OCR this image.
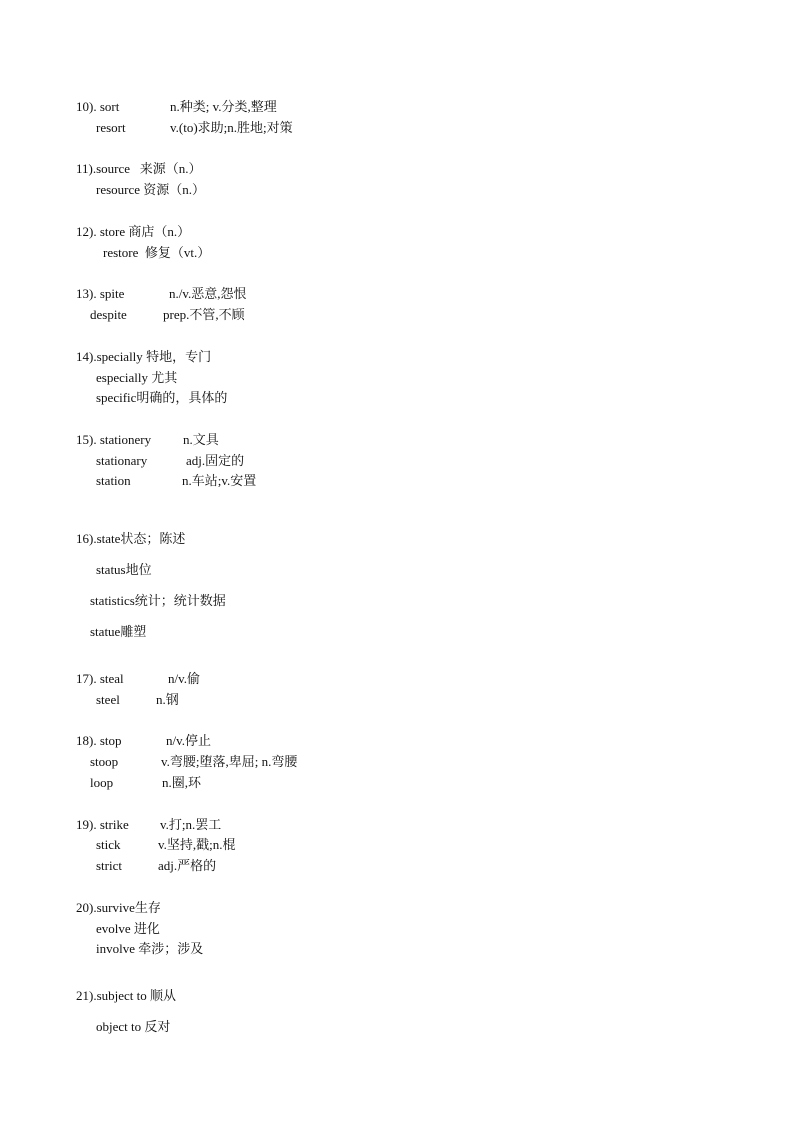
10). sort	n.种类; v.分类,整理
resort	v.(to)求助;n.胜地;对策
11).source 来源（n.）
resource 资源（n.）
12). store 商店（n.）
restore 修复（vt.）
13). spite	n./v.恶意,怨恨
despite	prep.不管,不顾
14).specially 特地，专门
especially 尤其
specific明确的，具体的
15). stationery n.文具
stationary	adj.固定的
station	n.车站;v.安置
16).state状态；陈述
status地位
statistics统计；统计数据
statue雕塑
17). steal	n/v.偷
steel	n.钢
18). stop	n/v.停止
stoop	v.弯腰;堕落,卑屈; n.弯腰
loop	n.圈,环
19). strike v.打;n.罢工
stick	v.坚持,戳;n.棍
strict	adj.严格的
20).survive生存
evolve 进化
involve 牵涉；涉及
21).subject to 顺从
object to 反对
